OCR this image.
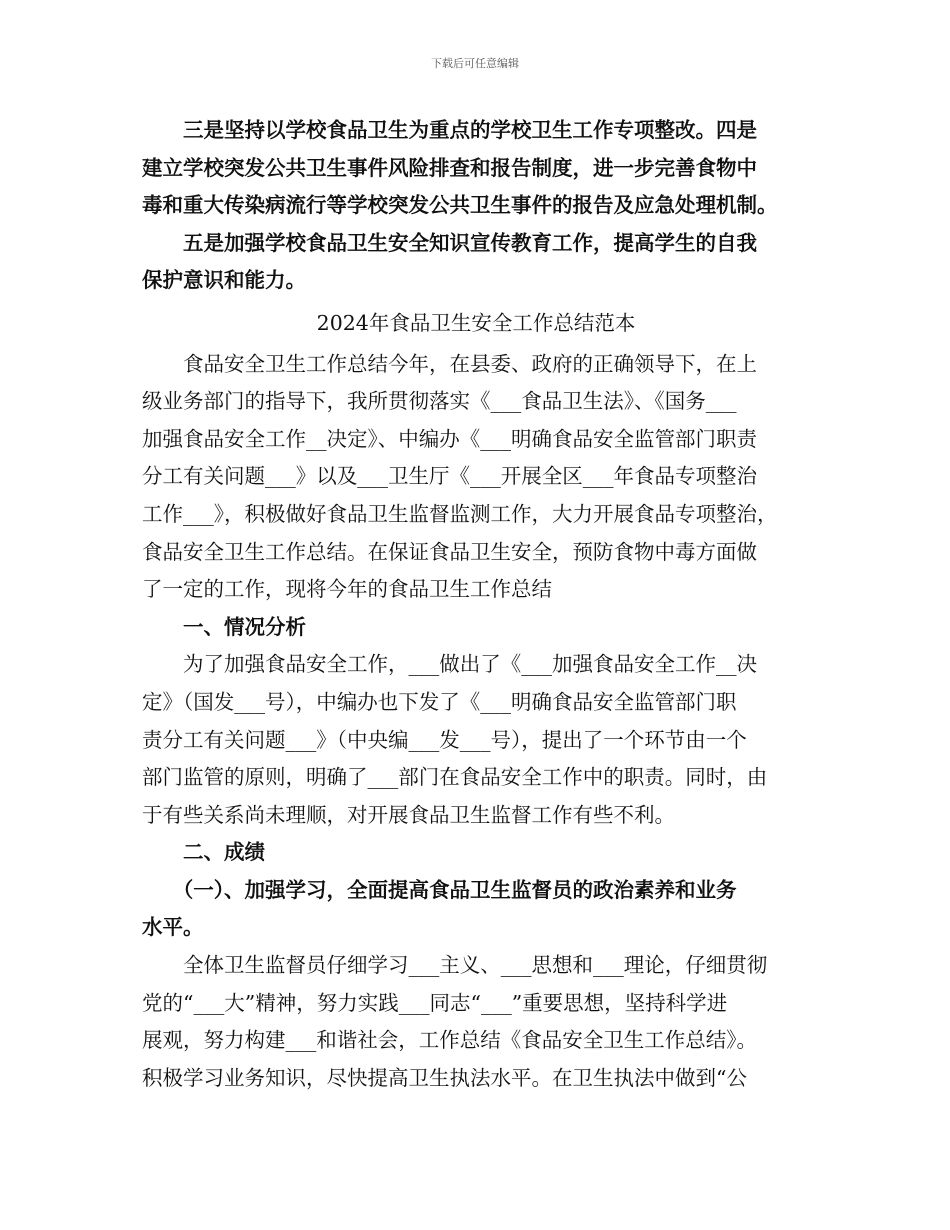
下载后可任意编辑
三是坚持以学校食品卫生为重点的学校卫生工作专项整改。四是
建立学校突发公共卫生事件风险排查和报告制度，进一步完善食物中
毒和重大传染病流行等学校突发公共卫生事件的报告及应急处理机制。
五是加强学校食品卫生安全知识宣传教育工作，提高学生的自我
保护意识和能力。
2024年食品卫生安全工作总结范本
食品安全卫生工作总结今年，在县委、政府的正确领导下，在上
级业务部门的指导下，我所贯彻落实《___食品卫生法》、《国务___
加强食品安全工作__决定》、中编办《___明确食品安全监管部门职责
分工有关问题___》以及___卫生厅《___开展全区___年食品专项整治
工作___》，积极做好食品卫生监督监测工作，大力开展食品专项整治，
食品安全卫生工作总结。在保证食品卫生安全，预防食物中毒方面做
了一定的工作，现将今年的食品卫生工作总结
一、情况分析
为了加强食品安全工作，___做出了《___加强食品安全工作__决
定》（国发___号），中编办也下发了《___明确食品安全监管部门职
责分工有关问题___》（中央编___发___号），提出了一个环节由一个
部门监管的原则，明确了___部门在食品安全工作中的职责。同时，由
于有些关系尚未理顺，对开展食品卫生监督工作有些不利。
二、成绩
（一）、加强学习，全面提高食品卫生监督员的政治素养和业务
水平。
全体卫生监督员仔细学习___主义、___思想和___理论，仔细贯彻
党的“___大”精神，努力实践___同志“___”重要思想，坚持科学进
展观，努力构建___和谐社会，工作总结《食品安全卫生工作总结》。
积极学习业务知识，尽快提高卫生执法水平。在卫生执法中做到“公
